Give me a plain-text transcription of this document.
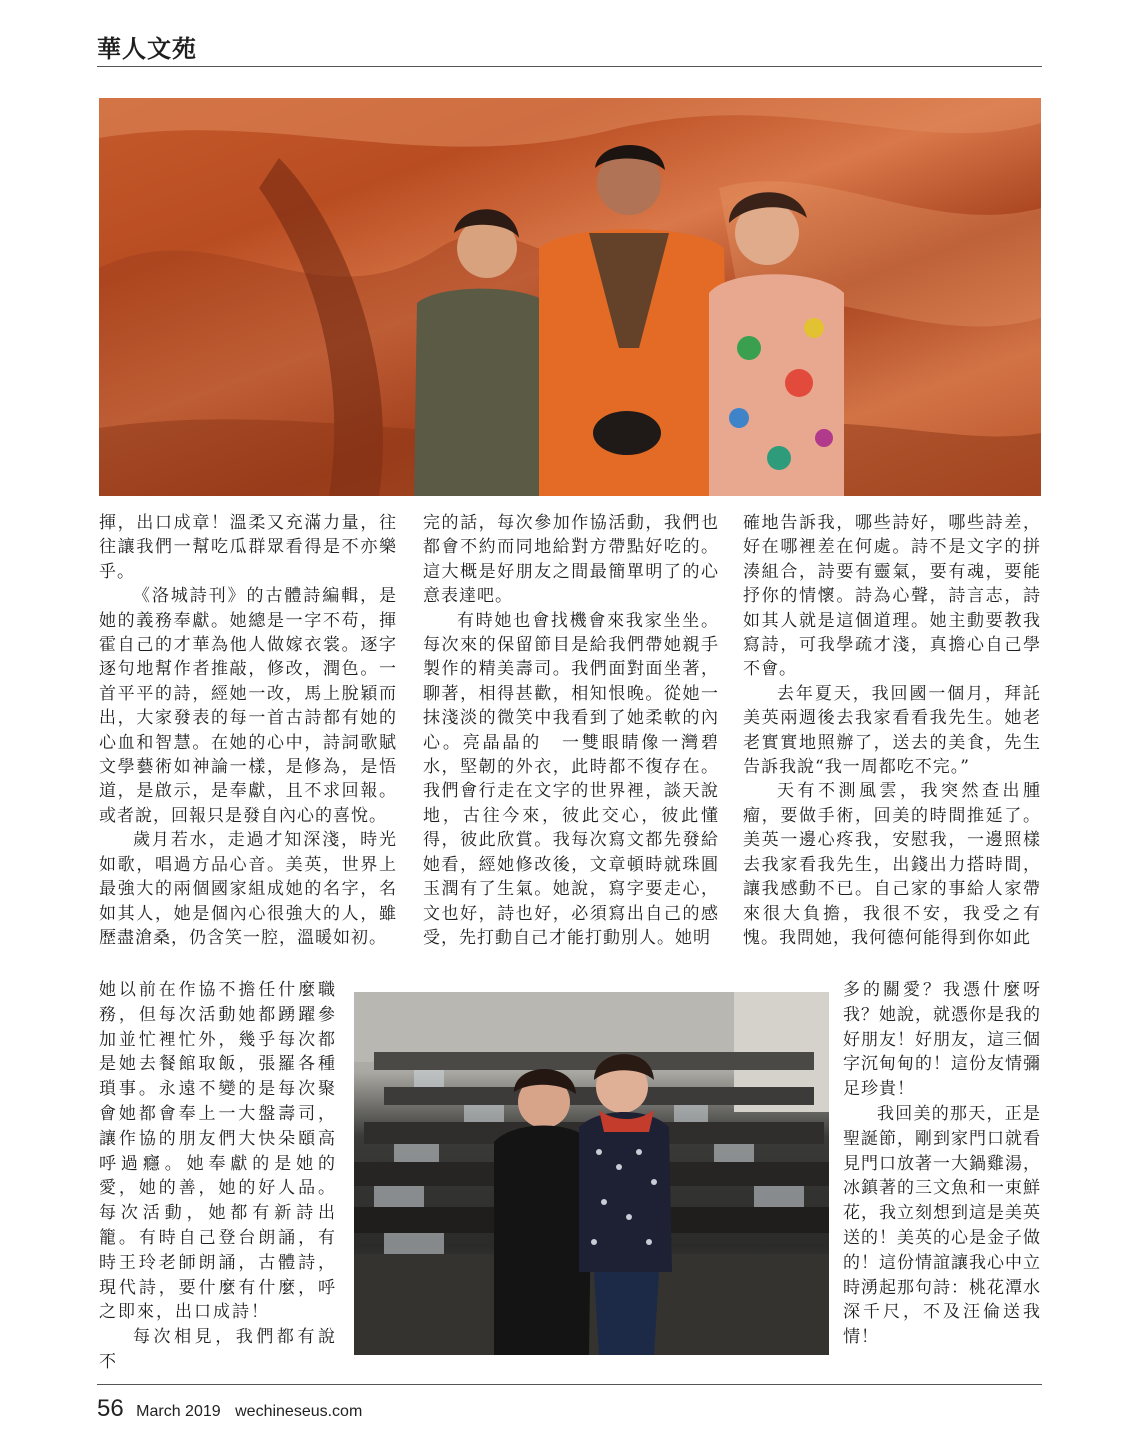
華人文苑

揮，出口成章！溫柔又充滿力量，往往讓我們一幫吃瓜群眾看得是不亦樂乎。

《洛城詩刊》的古體詩編輯，是她的義務奉獻。她總是一字不苟，揮霍自己的才華為他人做嫁衣裳。逐字逐句地幫作者推敲，修改，潤色。一首平平的詩，經她一改，馬上脫穎而出，大家發表的每一首古詩都有她的心血和智慧。在她的心中，詩詞歌賦文學藝術如神論一樣，是修為，是悟道，是啟示，是奉獻，且不求回報。或者說，回報只是發自內心的喜悅。

歲月若水，走過才知深淺，時光如歌，唱過方品心音。美英，世界上最強大的兩個國家組成她的名字，名如其人，她是個內心很強大的人，雖歷盡滄桑，仍含笑一腔，溫暖如初。

她以前在作協不擔任什麼職務，但每次活動她都踴躍參加並忙裡忙外，幾乎每次都是她去餐館取飯，張羅各種瑣事。永遠不變的是每次聚會她都會奉上一大盤壽司，讓作協的朋友們大快朵頤高呼過癮。她奉獻的是她的愛，她的善，她的好人品。每次活動，她都有新詩出籠。有時自己登台朗誦，有時王玲老師朗誦，古體詩，現代詩，要什麼有什麼，呼之即來，出口成詩！

每次相見，我們都有說不

完的話，每次參加作協活動，我們也都會不約而同地給對方帶點好吃的。這大概是好朋友之間最簡單明了的心意表達吧。

有時她也會找機會來我家坐坐。每次來的保留節目是給我們帶她親手製作的精美壽司。我們面對面坐著，聊著，相得甚歡，相知恨晚。從她一抹淺淡的微笑中我看到了她柔軟的內心。亮晶晶的　一雙眼睛像一灣碧水，堅韌的外衣，此時都不復存在。我們會行走在文字的世界裡，談天說地，古往今來，彼此交心，彼此懂得，彼此欣賞。我每次寫文都先發給她看，經她修改後，文章頓時就珠圓玉潤有了生氣。她說，寫字要走心，文也好，詩也好，必須寫出自己的感受，先打動自己才能打動別人。她明

確地告訴我，哪些詩好，哪些詩差，好在哪裡差在何處。詩不是文字的拼湊組合，詩要有靈氣，要有魂，要能抒你的情懷。詩為心聲，詩言志，詩如其人就是這個道理。她主動要教我寫詩，可我學疏才淺，真擔心自己學不會。

去年夏天，我回國一個月，拜託美英兩週後去我家看看我先生。她老老實實地照辦了，送去的美食，先生告訴我說“我一周都吃不完。”

天有不測風雲，我突然查出腫瘤，要做手術，回美的時間推延了。美英一邊心疼我，安慰我，一邊照樣去我家看我先生，出錢出力搭時間，讓我感動不已。自己家的事給人家帶來很大負擔，我很不安，我受之有愧。我問她，我何德何能得到你如此

多的關愛？我憑什麼呀我？她說，就憑你是我的好朋友！好朋友，這三個字沉甸甸的！這份友情彌足珍貴！

我回美的那天，正是聖誕節，剛到家門口就看見門口放著一大鍋雞湯，冰鎮著的三文魚和一束鮮花，我立刻想到這是美英送的！美英的心是金子做的！這份情誼讓我心中立時湧起那句詩：桃花潭水深千尺，不及汪倫送我情！

56 March 2019 wechineseus.com
